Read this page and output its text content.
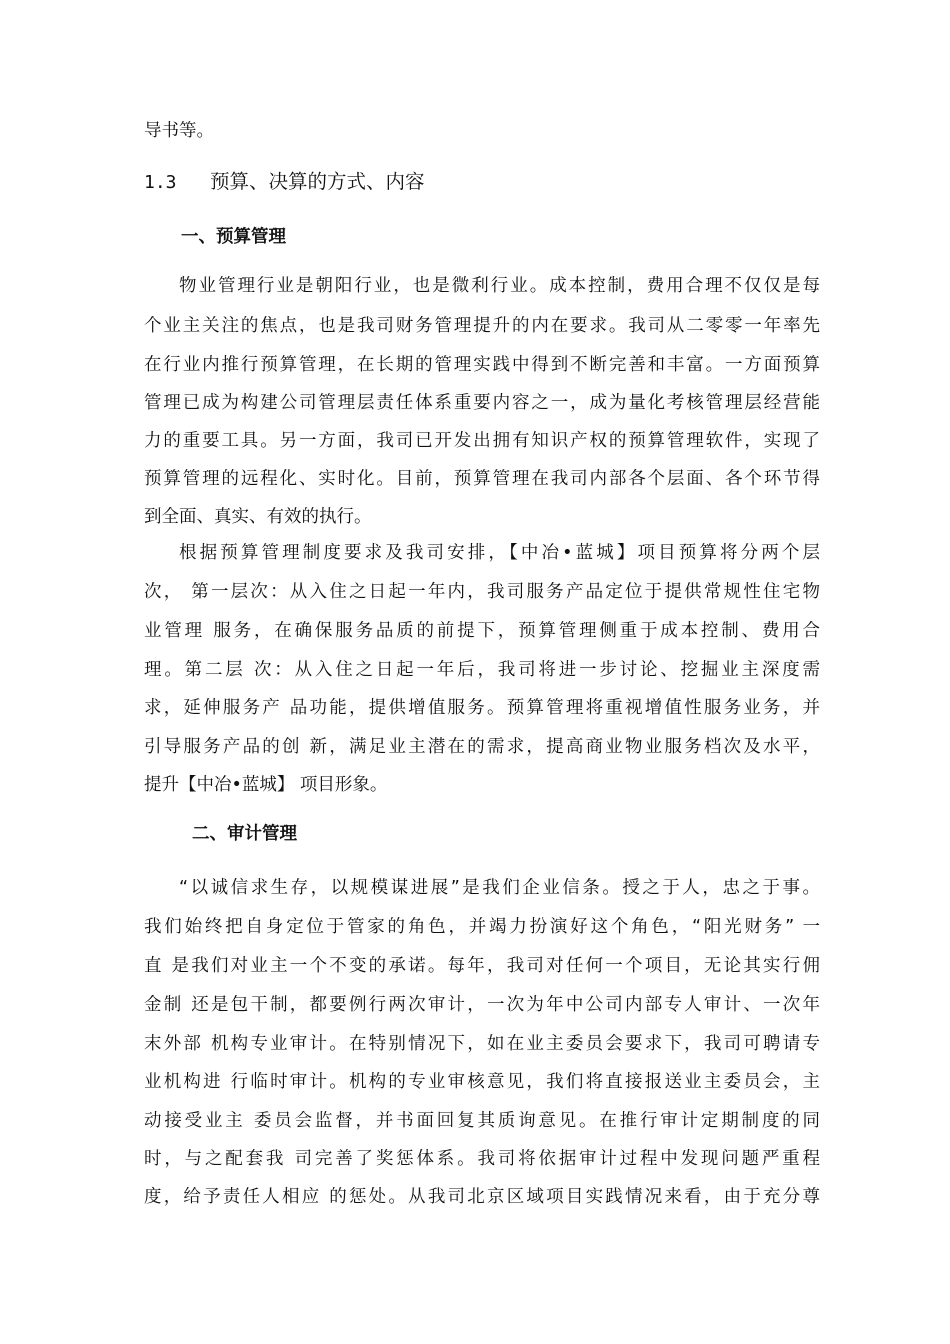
导书等。
1.3 预算、决算的方式、内容
一、预算管理
物业管理行业是朝阳行业，也是微利行业。成本控制，费用合理不仅仅是每
个业主关注的焦点，也是我司财务管理提升的内在要求。我司从二零零一年率先
在行业内推行预算管理，在长期的管理实践中得到不断完善和丰富。一方面预算
管理已成为构建公司管理层责任体系重要内容之一，成为量化考核管理层经营能
力的重要工具。另一方面，我司已开发出拥有知识产权的预算管理软件，实现了
预算管理的远程化、实时化。目前，预算管理在我司内部各个层面、各个环节得
到全面、真实、有效的执行。
根据预算管理制度要求及我司安排，【中冶•蓝城】项目预算将分两个层
次， 第一层次：从入住之日起一年内，我司服务产品定位于提供常规性住宅物
业管理 服务，在确保服务品质的前提下，预算管理侧重于成本控制、费用合
理。第二层 次：从入住之日起一年后，我司将进一步讨论、挖掘业主深度需
求，延伸服务产 品功能，提供增值服务。预算管理将重视增值性服务业务，并
引导服务产品的创 新，满足业主潜在的需求，提高商业物业服务档次及水平，
提升【中冶•蓝城】 项目形象。
二、审计管理
“以诚信求生存，以规模谋进展”是我们企业信条。授之于人，忠之于事。
我们始终把自身定位于管家的角色，并竭力扮演好这个角色，“阳光财务” 一
直 是我们对业主一个不变的承诺。每年，我司对任何一个项目，无论其实行佣
金制 还是包干制，都要例行两次审计，一次为年中公司内部专人审计、一次年
末外部 机构专业审计。在特别情况下，如在业主委员会要求下，我司可聘请专
业机构进 行临时审计。机构的专业审核意见，我们将直接报送业主委员会，主
动接受业主 委员会监督，并书面回复其质询意见。在推行审计定期制度的同
时，与之配套我 司完善了奖惩体系。我司将依据审计过程中发现问题严重程
度，给予责任人相应 的惩处。从我司北京区域项目实践情况来看，由于充分尊
